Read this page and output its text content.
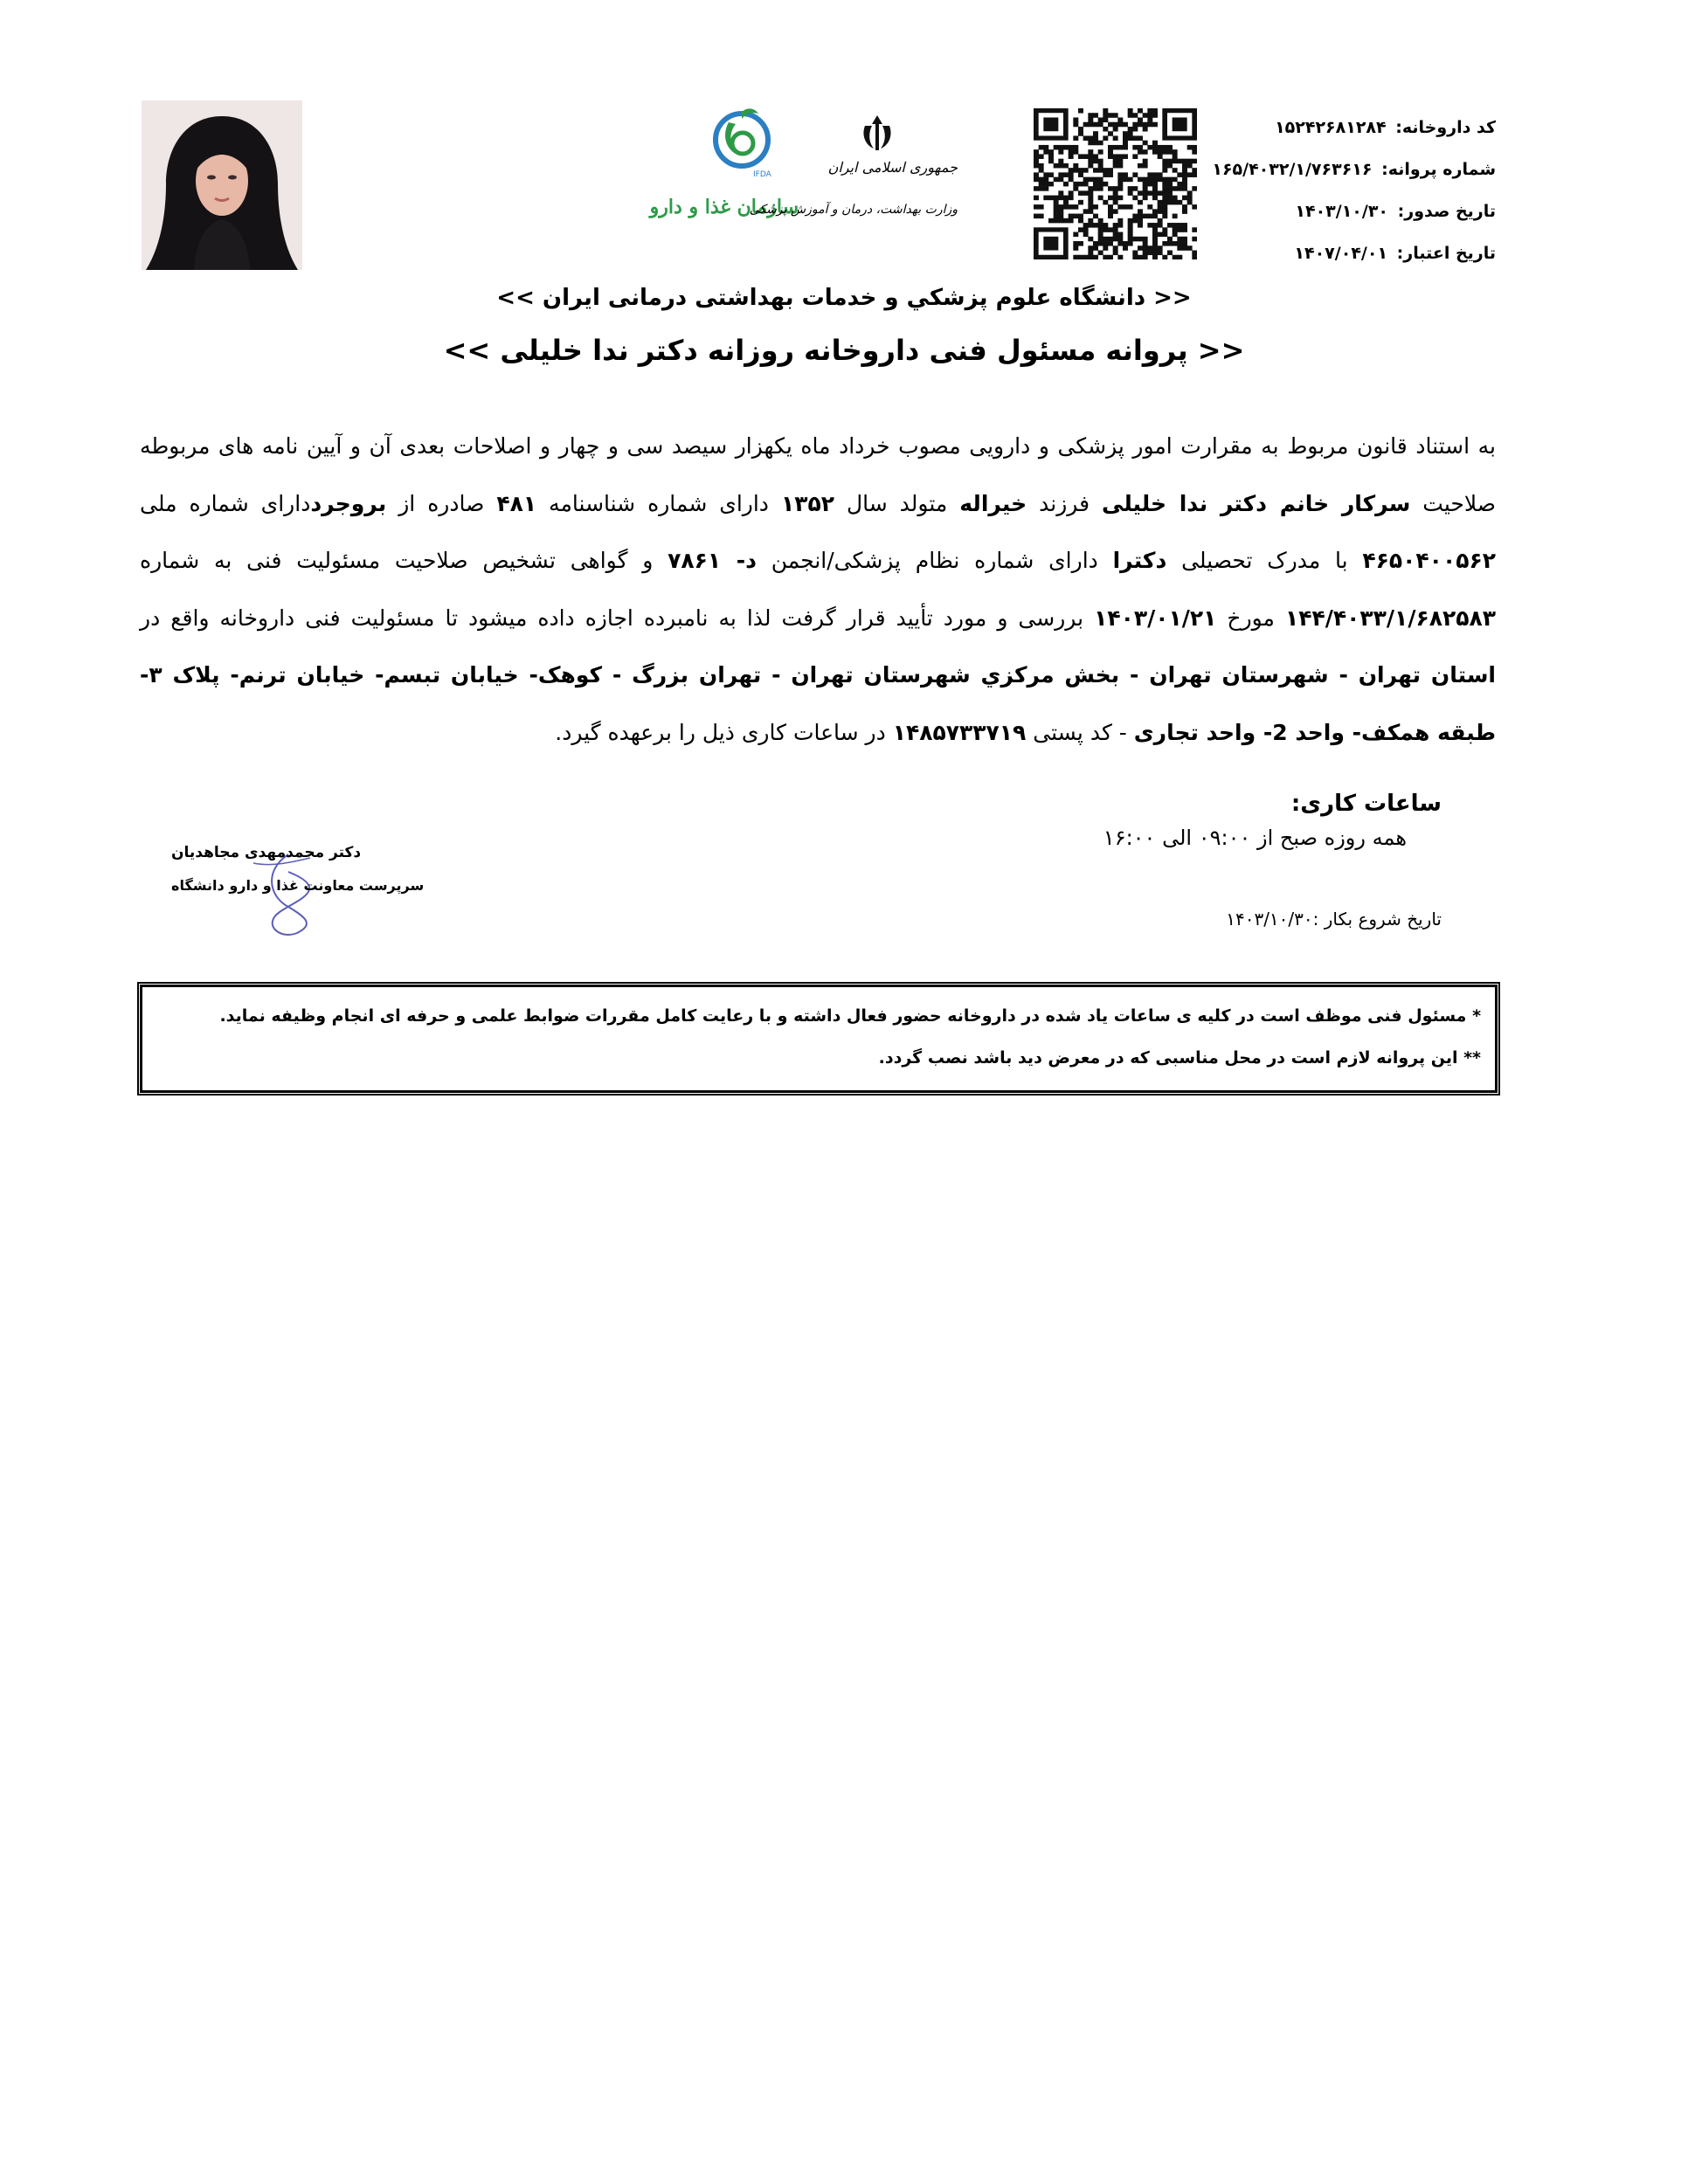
IFDA
سازمان غذا و دارو
جمهوری اسلامی ایران
وزارت بهداشت، درمان و آموزش پزشکی
کد داروخانه: ۱۵۲۴۲۶۸۱۲۸۴
شماره پروانه: ۱۶۵/۴۰۳۲/۱/۷۶۳۶۱۶
تاریخ صدور: ۱۴۰۳/۱۰/۳۰
تاریخ اعتبار: ۱۴۰۷/۰۴/۰۱
<< دانشگاه علوم پزشكي و خدمات بهداشتی درمانی ایران >>
<< پروانه مسئول فنی داروخانه روزانه دکتر ندا خلیلی >>
به استناد قانون مربوط به مقرارت امور پزشکی و دارویی مصوب خرداد ماه یکهزار سیصد سی و چهار و اصلاحات بعدی آن و آیین نامه های مربوطه صلاحیت سرکار خانم دکتر ندا خلیلی فرزند خیراله متولد سال ۱۳۵۲ دارای شماره شناسنامه ۴۸۱ صادره از بروجرددارای شماره ملی ۴۶۵۰۴۰۰۵۶۲ با مدرک تحصیلی دکترا دارای شماره نظام پزشکی/انجمن د- ۷۸۶۱ و گواهی تشخیص صلاحیت مسئولیت فنی به شماره ۱۴۴/۴۰۳۳/۱/۶۸۲۵۸۳ مورخ ۱۴۰۳/۰۱/۲۱ بررسی و مورد تأیید قرار گرفت لذا به نامبرده اجازه داده میشود تا مسئولیت فنی داروخانه واقع در استان تهران - شهرستان تهران - بخش مرکزي شهرستان تهران - تهران بزرگ - کوهک- خیابان تبسم- خیابان ترنم- پلاک ۳- طبقه همکف- واحد 2- واحد تجاری - کد پستی ۱۴۸۵۷۳۳۷۱۹ در ساعات کاری ذیل را برعهده گیرد.
ساعات کاری:
همه روزه صبح از ۰۹:۰۰ الی ۱۶:۰۰
تاریخ شروع بکار :۱۴۰۳/۱۰/۳۰
دکتر محمدمهدی مجاهدیان
سرپرست معاونت غذا و دارو دانشگاه
* مسئول فنی موظف است در کلیه ی ساعات یاد شده در داروخانه حضور فعال داشته و با رعایت کامل مقررات ضوابط علمی و حرفه ای انجام وظیفه نماید.
** این پروانه لازم است در محل مناسبی که در معرض دید باشد نصب گردد.
